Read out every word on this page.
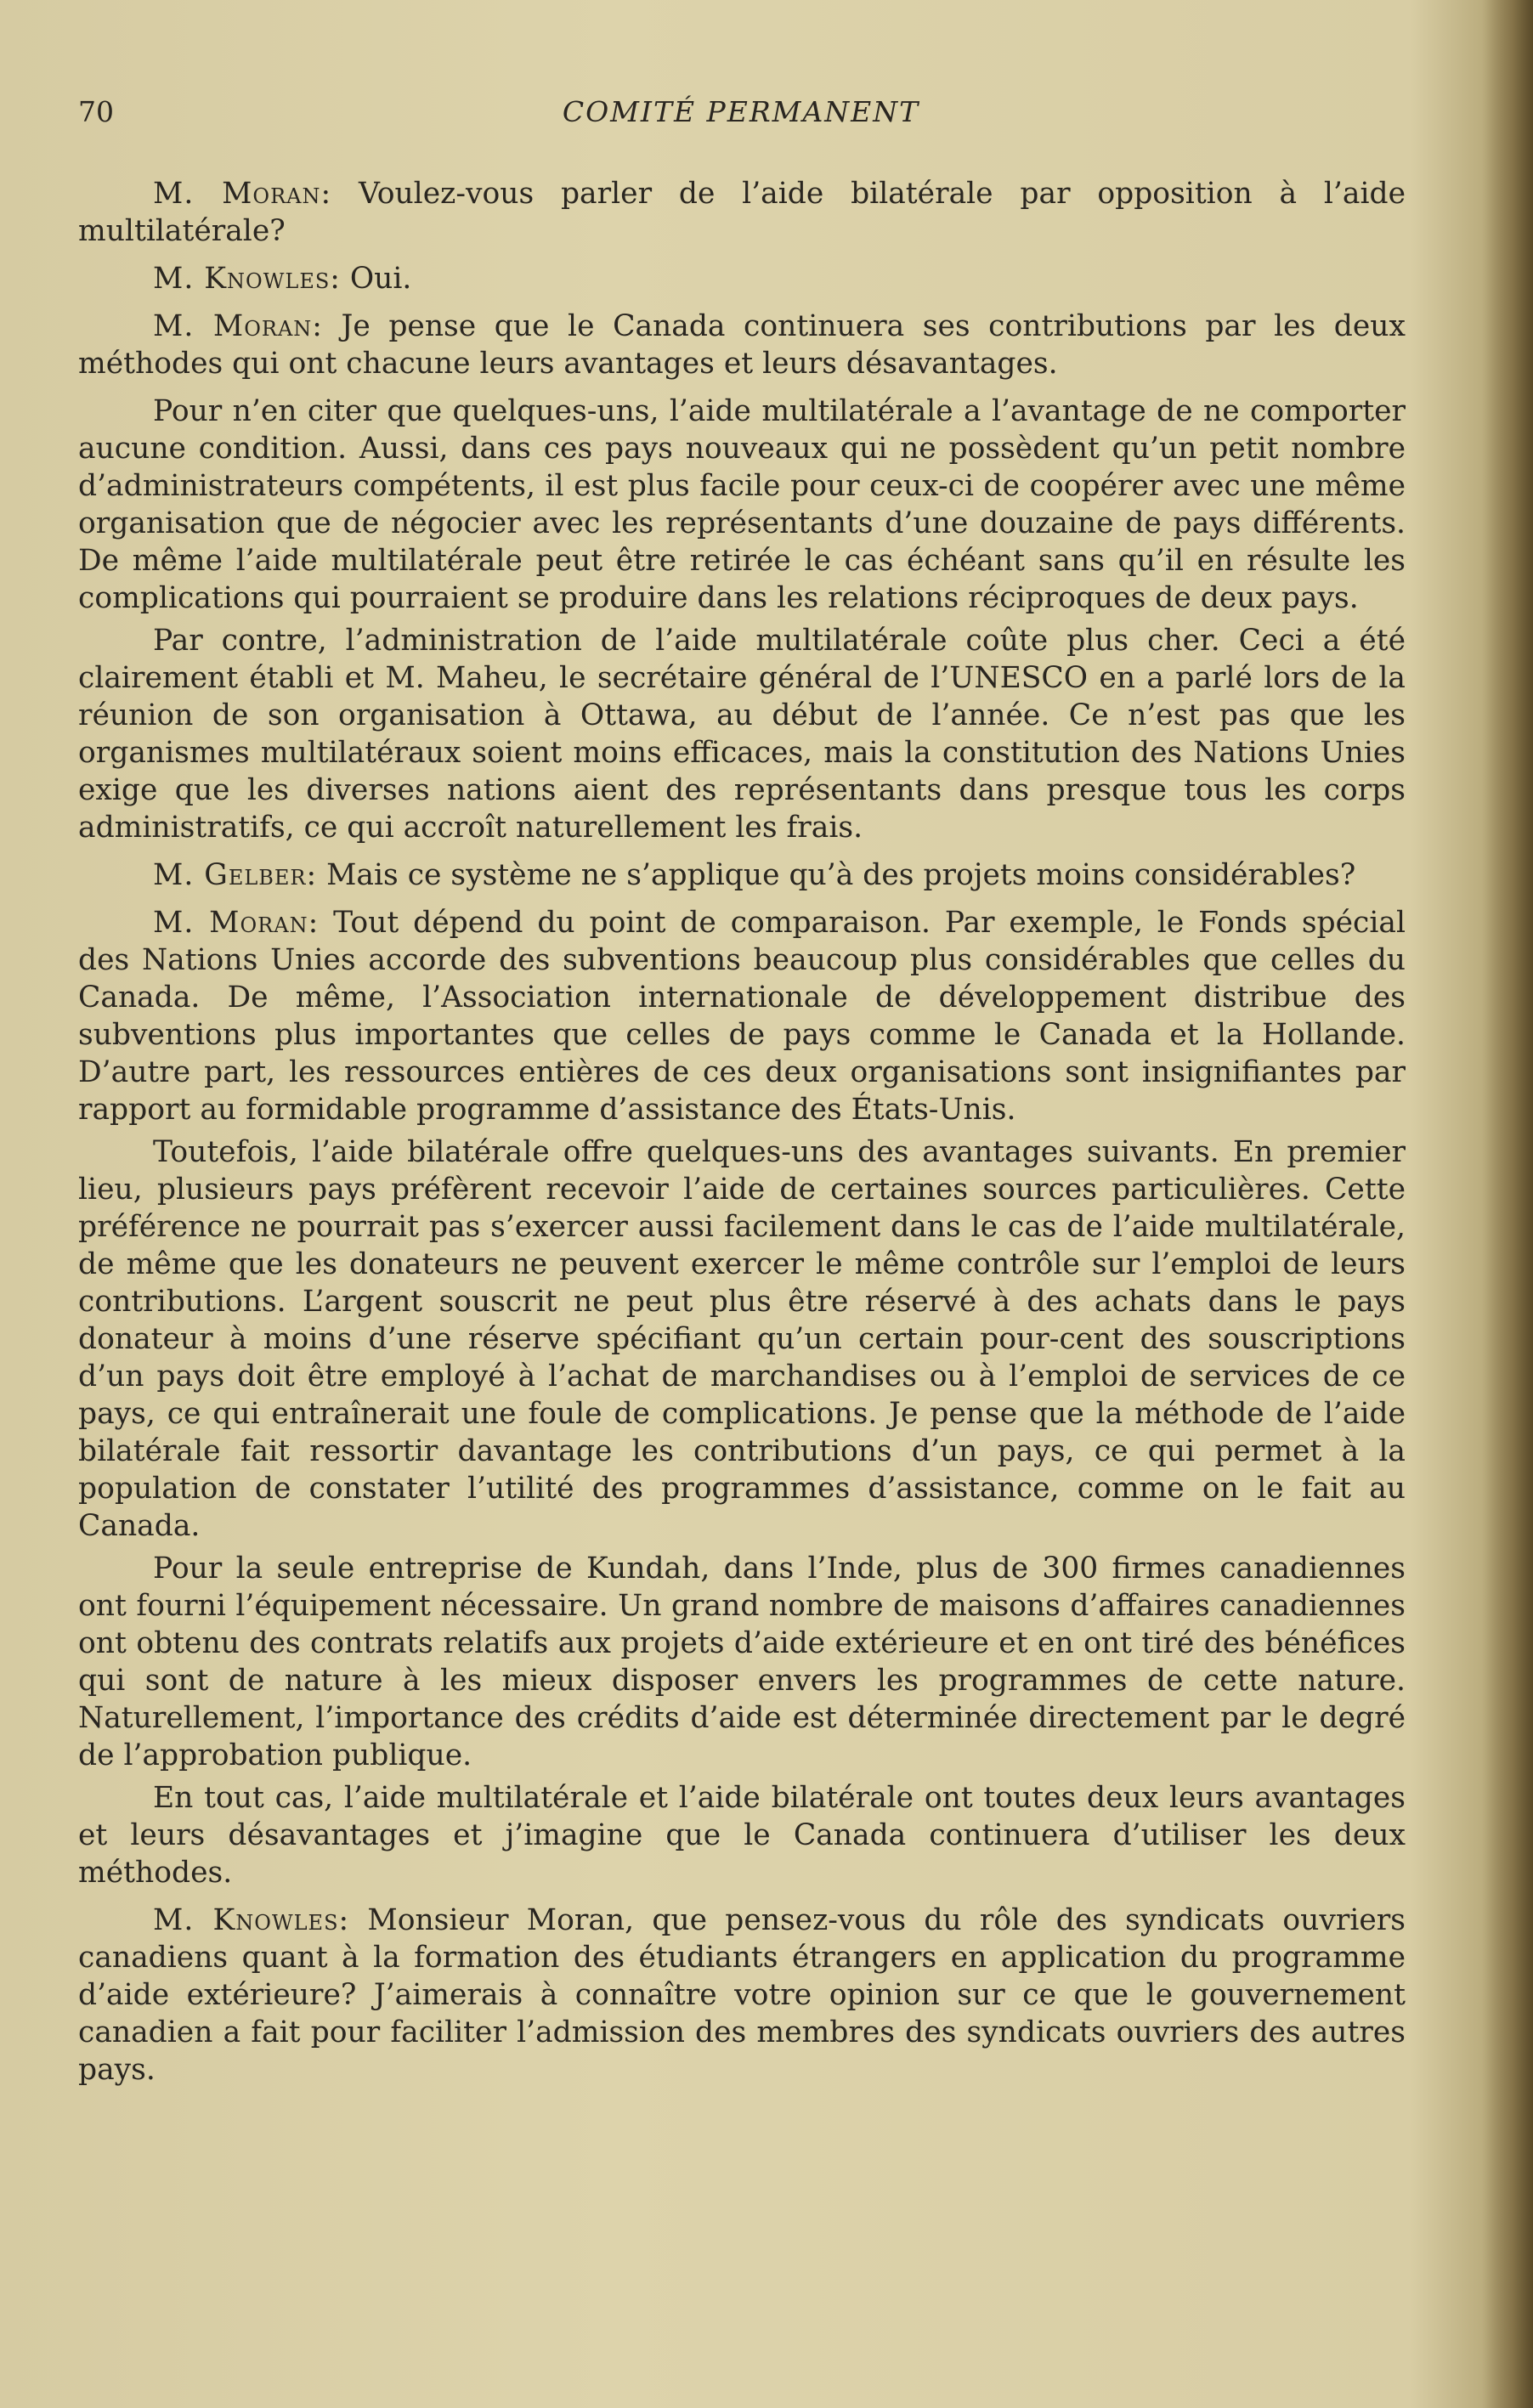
70	COMITÉ PERMANENT

M. Moran: Voulez-vous parler de l’aide bilatérale par opposition à l’aide multilatérale?

M. Knowles: Oui.

M. Moran: Je pense que le Canada continuera ses contributions par les deux méthodes qui ont chacune leurs avantages et leurs désavantages.

Pour n’en citer que quelques-uns, l’aide multilatérale a l’avantage de ne comporter aucune condition. Aussi, dans ces pays nouveaux qui ne possèdent qu’un petit nombre d’administrateurs compétents, il est plus facile pour ceux-ci de coopérer avec une même organisation que de négocier avec les représentants d’une douzaine de pays différents. De même l’aide multilatérale peut être retirée le cas échéant sans qu’il en résulte les complications qui pourraient se produire dans les relations réciproques de deux pays.

Par contre, l’administration de l’aide multilatérale coûte plus cher. Ceci a été clairement établi et M. Maheu, le secrétaire général de l’UNESCO en a parlé lors de la réunion de son organisation à Ottawa, au début de l’année. Ce n’est pas que les organismes multilatéraux soient moins efficaces, mais la constitution des Nations Unies exige que les diverses nations aient des représentants dans presque tous les corps administratifs, ce qui accroît naturellement les frais.

M. Gelber: Mais ce système ne s’applique qu’à des projets moins considérables?

M. Moran: Tout dépend du point de comparaison. Par exemple, le Fonds spécial des Nations Unies accorde des subventions beaucoup plus considérables que celles du Canada. De même, l’Association internationale de développement distribue des subventions plus importantes que celles de pays comme le Canada et la Hollande. D’autre part, les ressources entières de ces deux organisations sont insignifiantes par rapport au formidable programme d’assistance des États-Unis.

Toutefois, l’aide bilatérale offre quelques-uns des avantages suivants. En premier lieu, plusieurs pays préfèrent recevoir l’aide de certaines sources particulières. Cette préférence ne pourrait pas s’exercer aussi facilement dans le cas de l’aide multilatérale, de même que les donateurs ne peuvent exercer le même contrôle sur l’emploi de leurs contributions. L’argent souscrit ne peut plus être réservé à des achats dans le pays donateur à moins d’une réserve spécifiant qu’un certain pour-cent des souscriptions d’un pays doit être employé à l’achat de marchandises ou à l’emploi de services de ce pays, ce qui entraînerait une foule de complications. Je pense que la méthode de l’aide bilatérale fait ressortir davantage les contributions d’un pays, ce qui permet à la population de constater l’utilité des programmes d’assistance, comme on le fait au Canada.

Pour la seule entreprise de Kundah, dans l’Inde, plus de 300 firmes canadiennes ont fourni l’équipement nécessaire. Un grand nombre de maisons d’affaires canadiennes ont obtenu des contrats relatifs aux projets d’aide extérieure et en ont tiré des bénéfices qui sont de nature à les mieux disposer envers les programmes de cette nature. Naturellement, l’importance des crédits d’aide est déterminée directement par le degré de l’approbation publique.

En tout cas, l’aide multilatérale et l’aide bilatérale ont toutes deux leurs avantages et leurs désavantages et j’imagine que le Canada continuera d’utiliser les deux méthodes.

M. Knowles: Monsieur Moran, que pensez-vous du rôle des syndicats ouvriers canadiens quant à la formation des étudiants étrangers en application du programme d’aide extérieure? J’aimerais à connaître votre opinion sur ce que le gouvernement canadien a fait pour faciliter l’admission des membres des syndicats ouvriers des autres pays.
